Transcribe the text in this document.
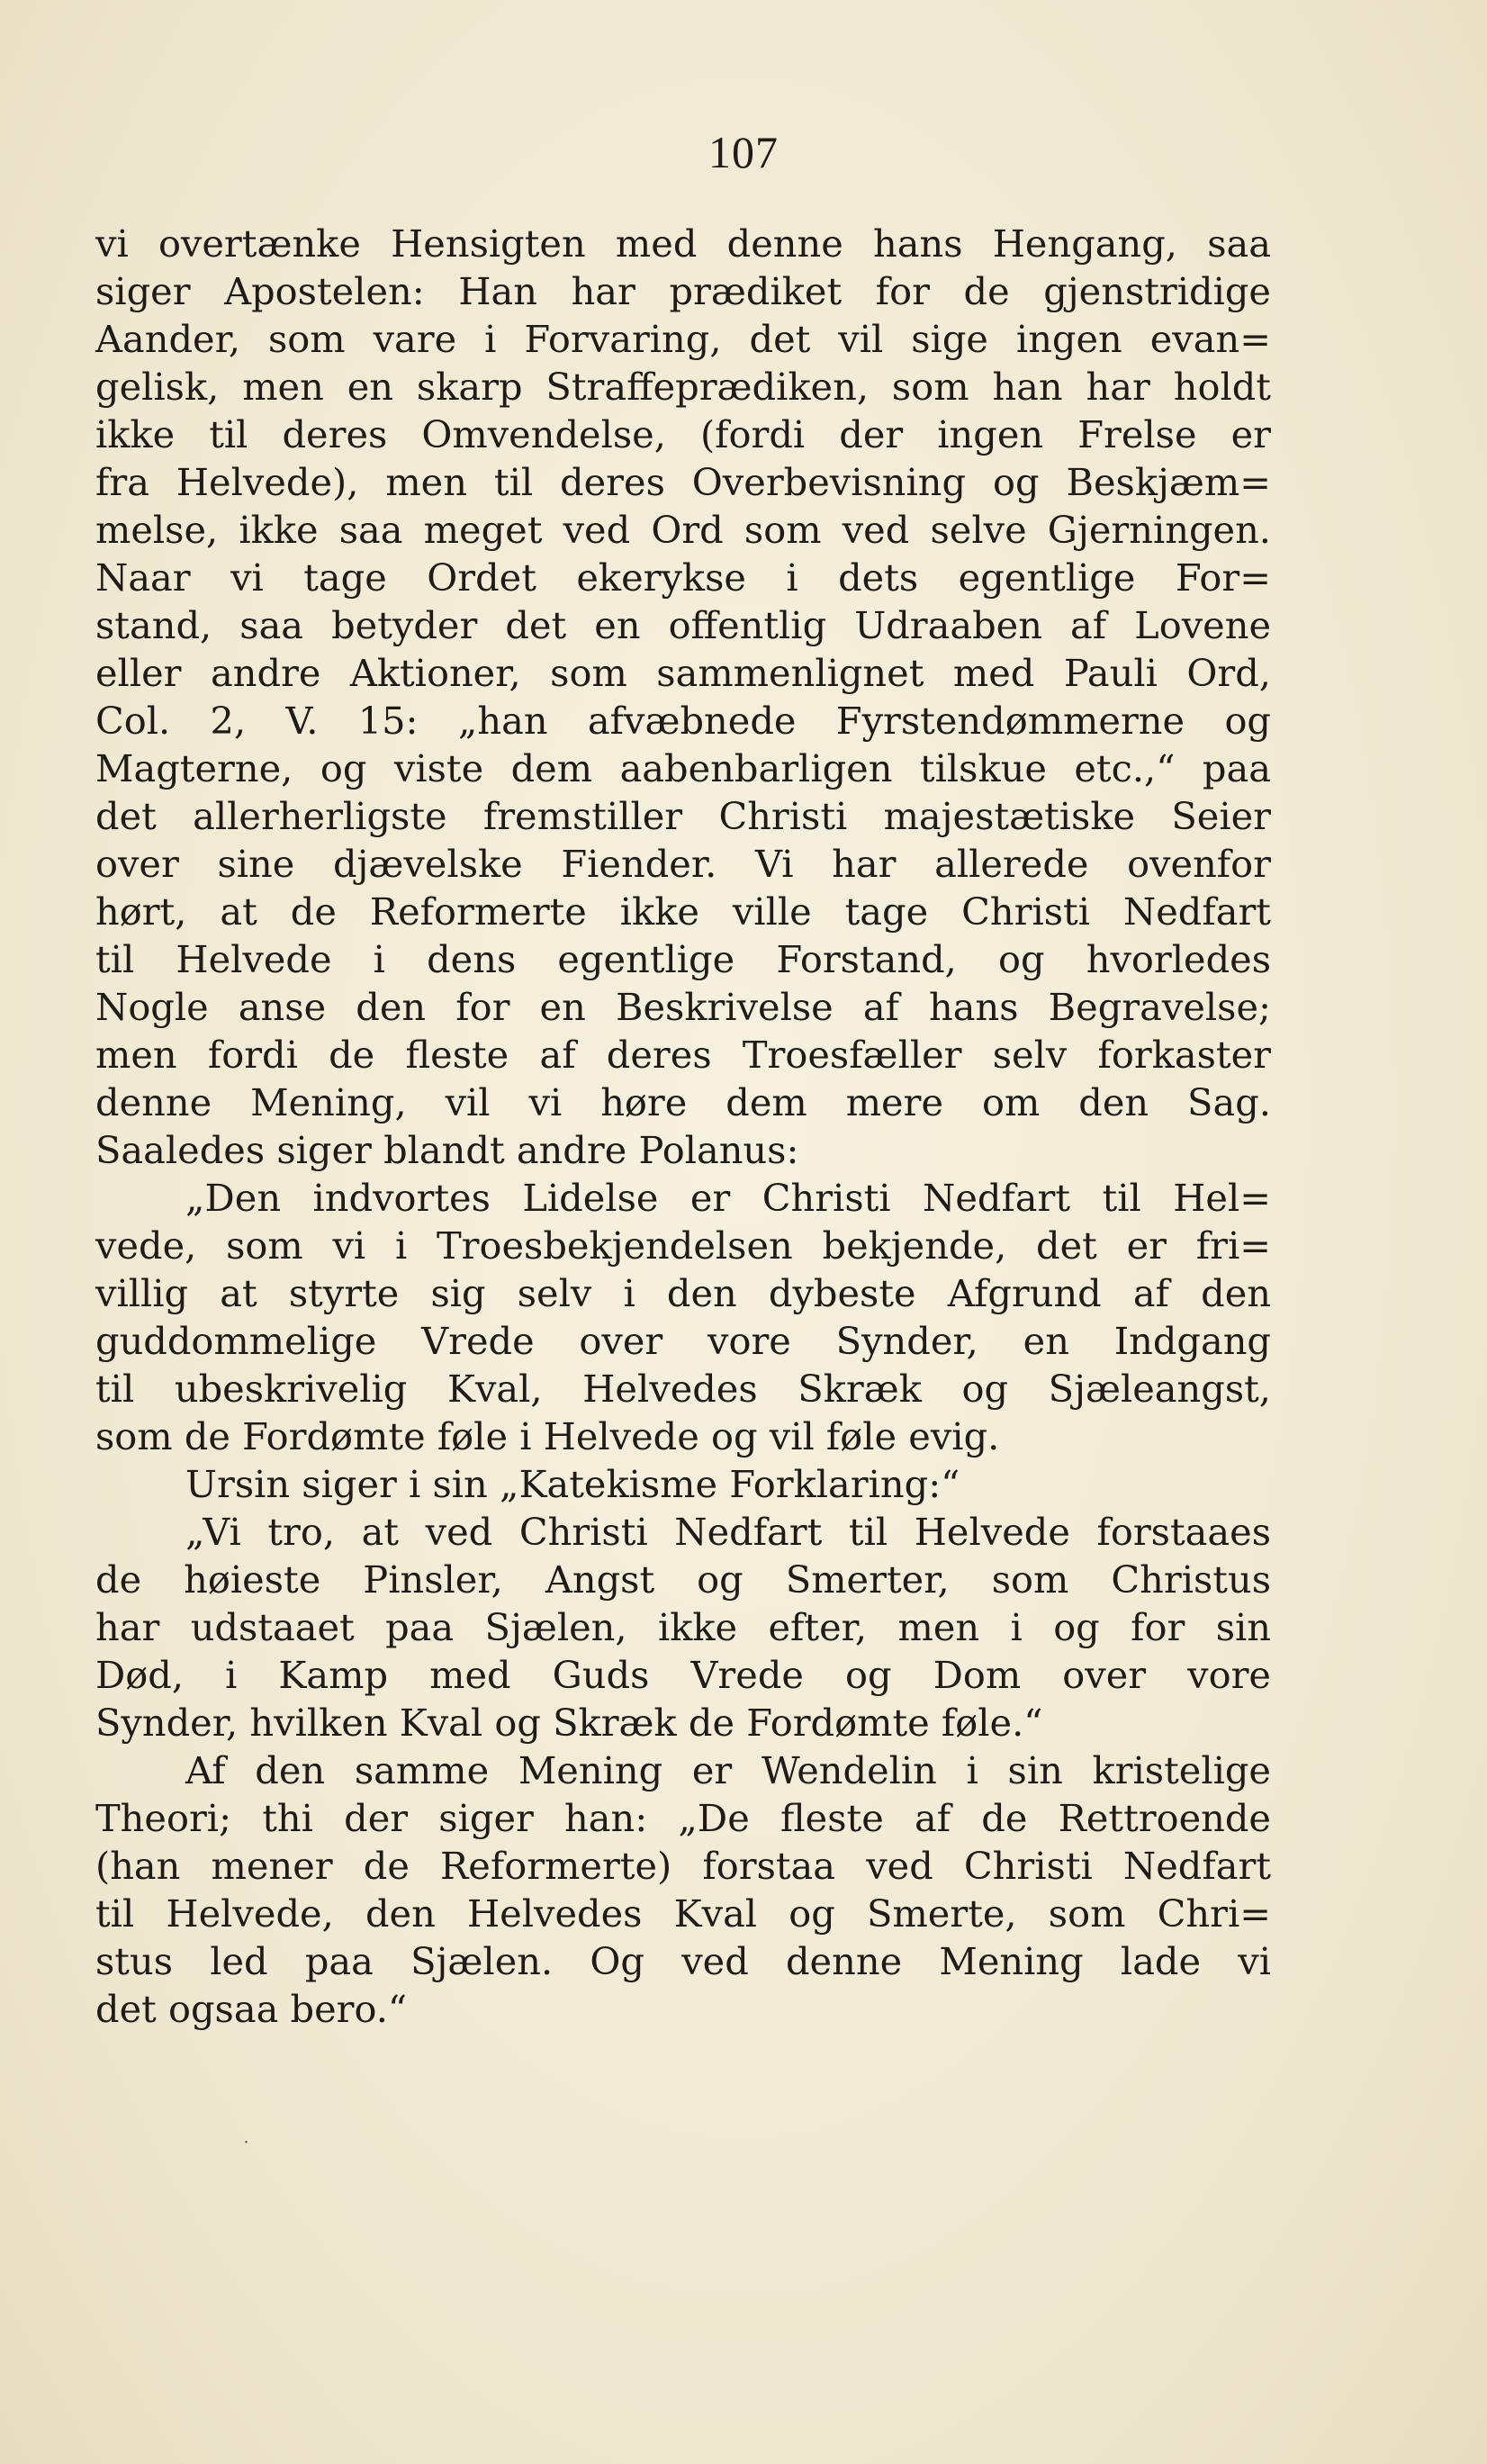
107
vi overtænke Hensigten med denne hans Hengang, saa
siger Apostelen: Han har prædiket for de gjenstridige
Aander, som vare i Forvaring, det vil sige ingen evan=
gelisk, men en skarp Straffeprædiken, som han har holdt
ikke til deres Omvendelse, (fordi der ingen Frelse er
fra Helvede), men til deres Overbevisning og Beskjæm=
melse, ikke saa meget ved Ord som ved selve Gjerningen.
Naar vi tage Ordet ekerykse i dets egentlige For=
stand, saa betyder det en offentlig Udraaben af Lovene
eller andre Aktioner, som sammenlignet med Pauli Ord,
Col. 2, V. 15: „han afvæbnede Fyrstendømmerne og
Magterne, og viste dem aabenbarligen tilskue etc.,“ paa
det allerherligste fremstiller Christi majestætiske Seier
over sine djævelske Fiender. Vi har allerede ovenfor
hørt, at de Reformerte ikke ville tage Christi Nedfart
til Helvede i dens egentlige Forstand, og hvorledes
Nogle anse den for en Beskrivelse af hans Begravelse;
men fordi de fleste af deres Troesfæller selv forkaster
denne Mening, vil vi høre dem mere om den Sag.
Saaledes siger blandt andre Polanus:
„Den indvortes Lidelse er Christi Nedfart til Hel=
vede, som vi i Troesbekjendelsen bekjende, det er fri=
villig at styrte sig selv i den dybeste Afgrund af den
guddommelige Vrede over vore Synder, en Indgang
til ubeskrivelig Kval, Helvedes Skræk og Sjæleangst,
som de Fordømte føle i Helvede og vil føle evig.
Ursin siger i sin „Katekisme Forklaring:“
„Vi tro, at ved Christi Nedfart til Helvede forstaaes
de høieste Pinsler, Angst og Smerter, som Christus
har udstaaet paa Sjælen, ikke efter, men i og for sin
Død, i Kamp med Guds Vrede og Dom over vore
Synder, hvilken Kval og Skræk de Fordømte føle.“
Af den samme Mening er Wendelin i sin kristelige
Theori; thi der siger han: „De fleste af de Rettroende
(han mener de Reformerte) forstaa ved Christi Nedfart
til Helvede, den Helvedes Kval og Smerte, som Chri=
stus led paa Sjælen. Og ved denne Mening lade vi
det ogsaa bero.“
˙
